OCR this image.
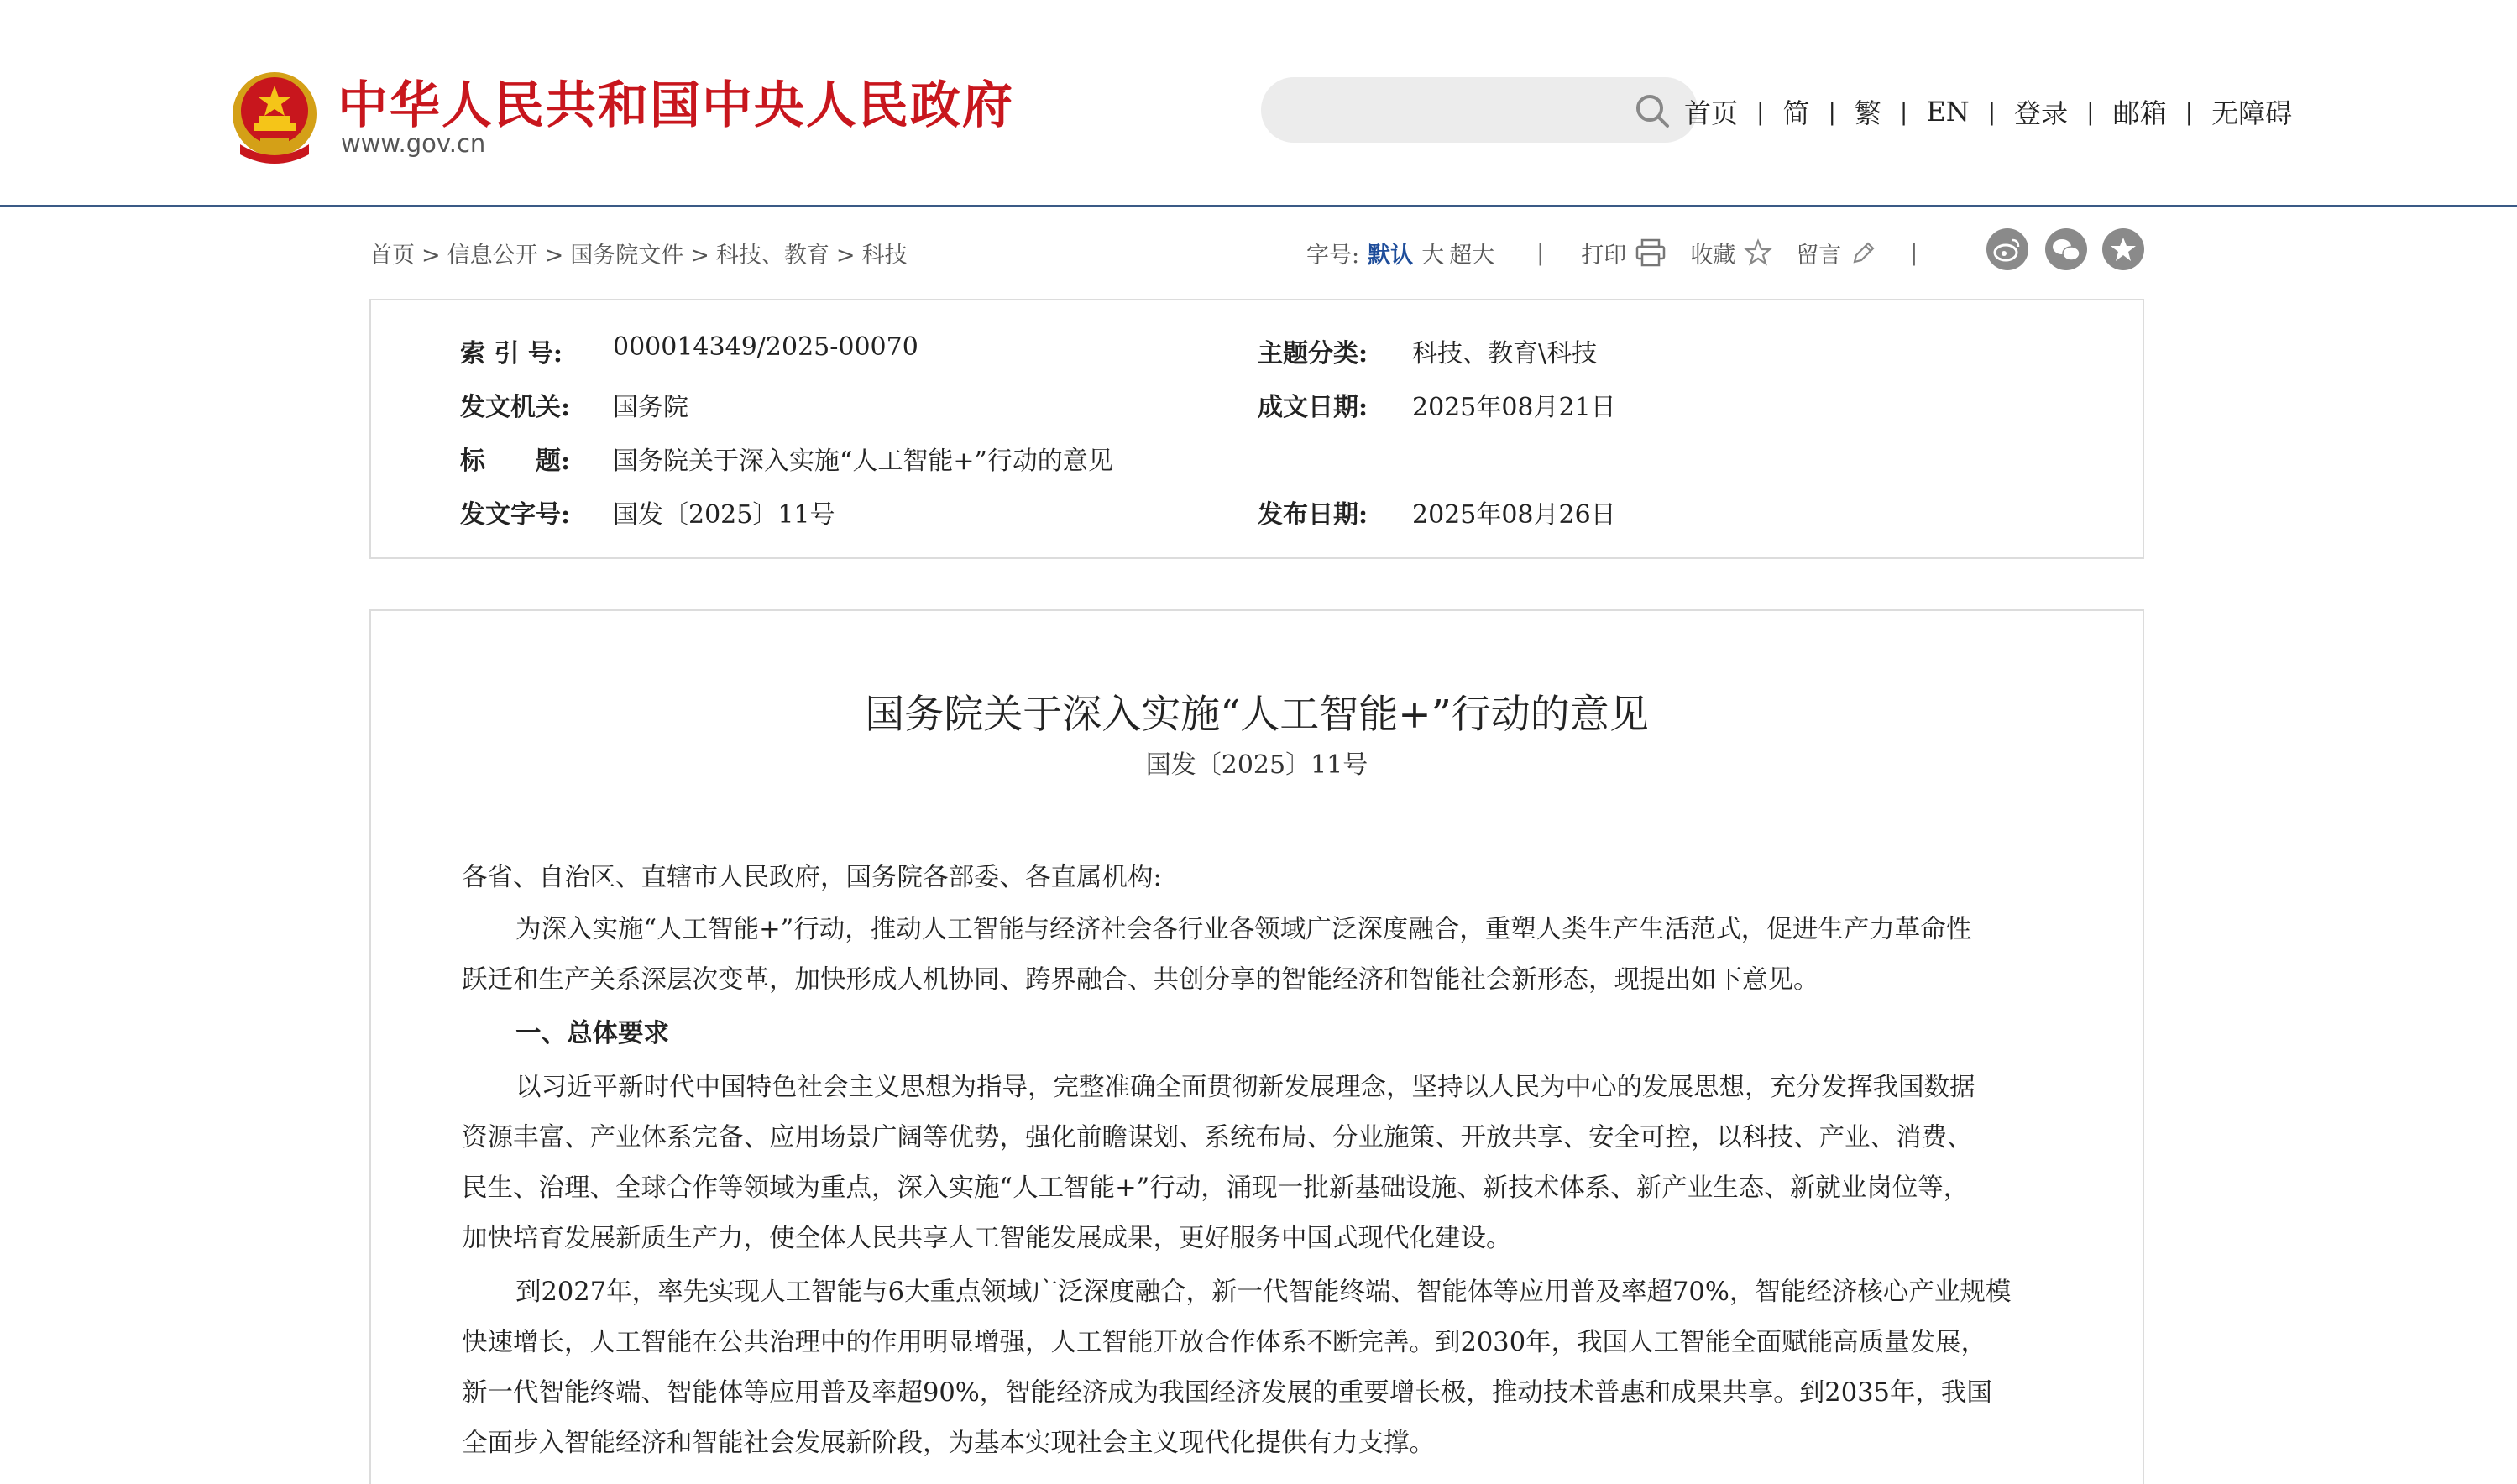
中华人民共和国中央人民政府
www.gov.cn
首页 | 简 | 繁 | EN | 登录 | 邮箱 | 无障碍
首页 > 信息公开 > 国务院文件 > 科技、教育 > 科技	字号: 默认 大 超大 | 打印	收藏	留言	|
索 引 号: 000014349/2025-00070	主题分类: 科技、教育\科技
发文机关: 国务院	成文日期: 2025年08月21日
标　　题: 国务院关于深入实施“人工智能+”行动的意见
发文字号: 国发〔2025〕11号	发布日期: 2025年08月26日
国务院关于深入实施“人工智能+”行动的意见
国发〔2025〕11号
各省、自治区、直辖市人民政府，国务院各部委、各直属机构:
为深入实施“人工智能+”行动，推动人工智能与经济社会各行业各领域广泛深度融合，重塑人类生产生活范式，促进生产力革命性
跃迁和生产关系深层次变革，加快形成人机协同、跨界融合、共创分享的智能经济和智能社会新形态，现提出如下意见。
一、总体要求
以习近平新时代中国特色社会主义思想为指导，完整准确全面贯彻新发展理念，坚持以人民为中心的发展思想，充分发挥我国数据
资源丰富、产业体系完备、应用场景广阔等优势，强化前瞻谋划、系统布局、分业施策、开放共享、安全可控，以科技、产业、消费、
民生、治理、全球合作等领域为重点，深入实施“人工智能+”行动，涌现一批新基础设施、新技术体系、新产业生态、新就业岗位等，
加快培育发展新质生产力，使全体人民共享人工智能发展成果，更好服务中国式现代化建设。
到2027年，率先实现人工智能与6大重点领域广泛深度融合，新一代智能终端、智能体等应用普及率超70%，智能经济核心产业规模
快速增长，人工智能在公共治理中的作用明显增强，人工智能开放合作体系不断完善。到2030年，我国人工智能全面赋能高质量发展，
新一代智能终端、智能体等应用普及率超90%，智能经济成为我国经济发展的重要增长极，推动技术普惠和成果共享。到2035年，我国
全面步入智能经济和智能社会发展新阶段，为基本实现社会主义现代化提供有力支撑。
